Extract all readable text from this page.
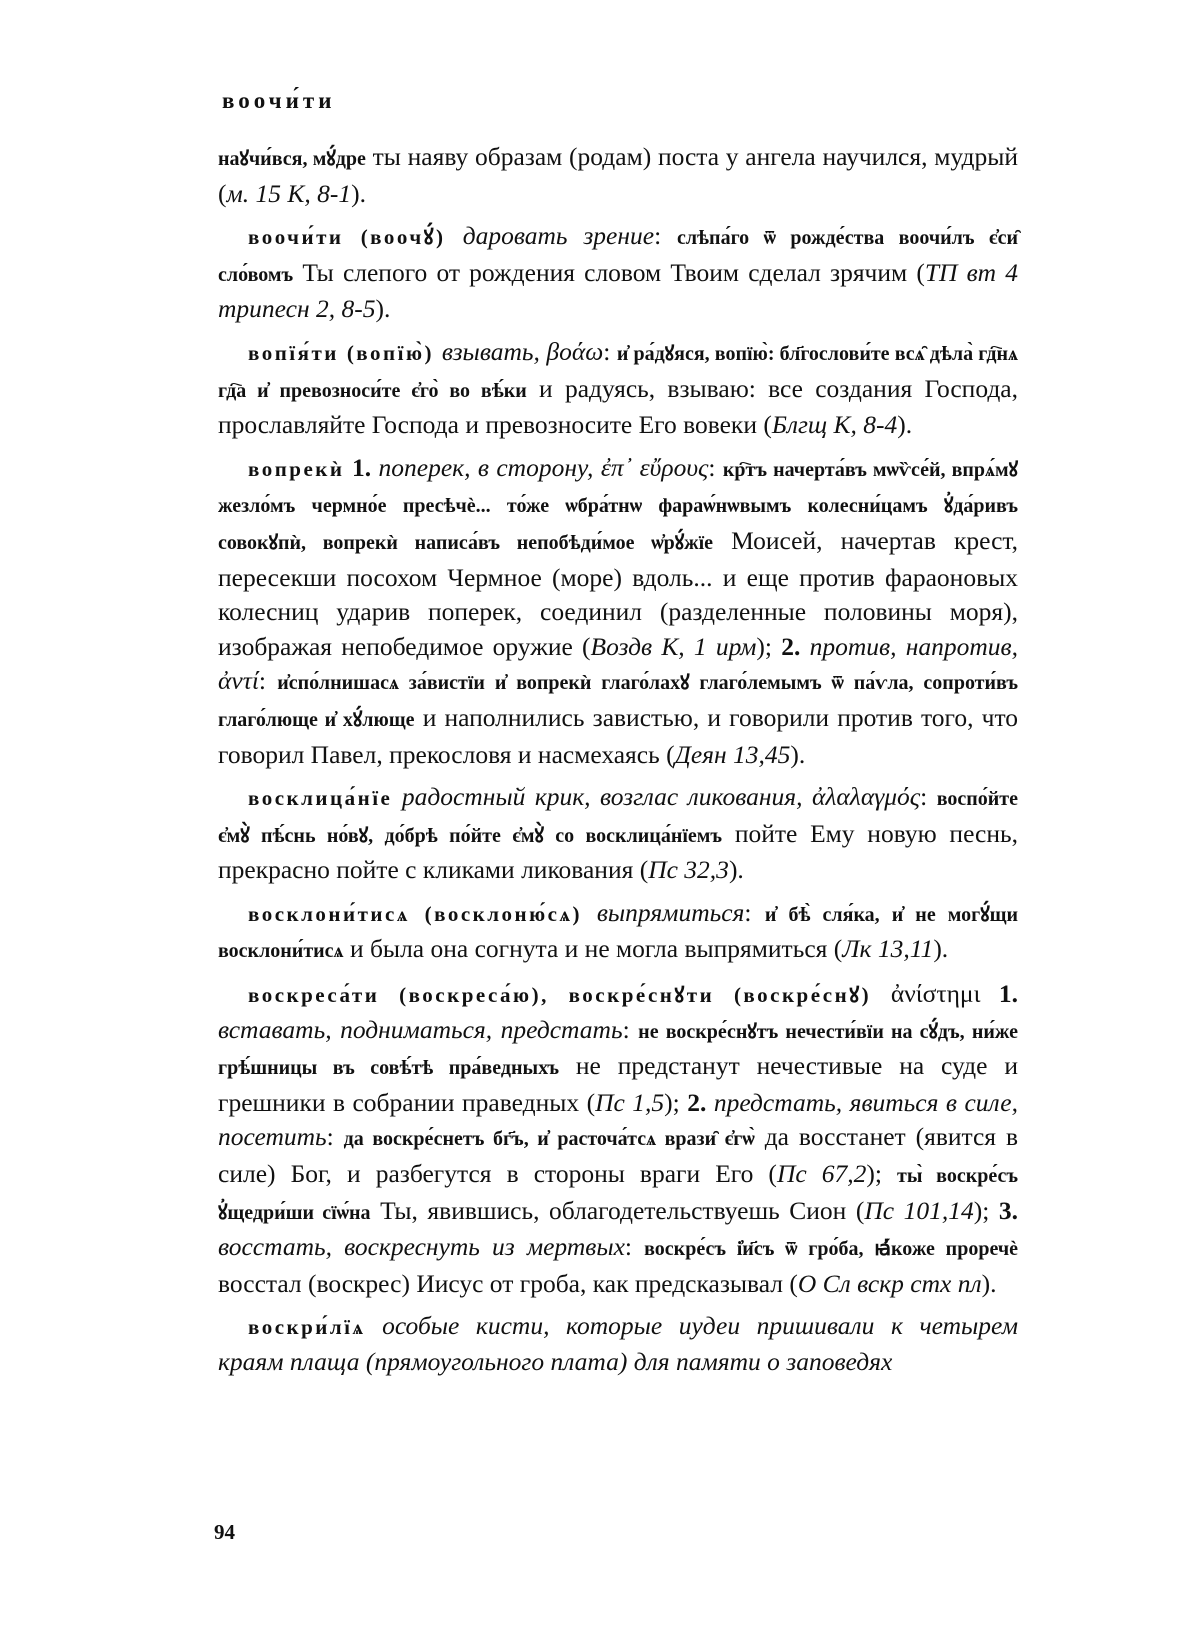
воочи́ти

наꙋчи́вся, мꙋ́дре ты наяву образам (родам) поста у ангела научился, мудрый (м. 15 К, 8-1).

воочи́ти (воочꙋ́) даровать зрение: слѣпа́го ѿ рожде́ства воочи́лъ є҆си̑ сло́вомъ Ты слепого от рождения словом Твоим сделал зрячим (ТП вт 4 трипесн 2, 8-5).

вопїя́ти (вопїю̀) взывать, βοάω: и҆ ра́дꙋяся, вопїю̀: бл҃гослови́те всѧ̑ дѣла̀ гд҇нѧ гд҇а и҆ превозноси́те є҆го̀ во вѣ́ки и радуясь, взываю: все создания Господа, прославляйте Господа и превозносите Его вовеки (Блгщ К, 8-4).

вопрекѝ 1. поперек, в сторону, ἐπ᾽ εὔρους: кр҇тъ начерта́въ мѡѷсе́й, впрѧ́мꙋ жезло́мъ чермно́е пресѣчѐ... то́же ѡбра́тнѡ фараѡ́нѡвымъ колесни́цамъ ꙋ҆да́ривъ совокꙋпѝ, вопрекѝ написа́въ непобѣди́мое ѡ҆рꙋ́жїе Моисей, начертав крест, пересекши посохом Чермное (море) вдоль... и еще против фараоновых колесниц ударив поперек, соединил (разделенные половины моря), изображая непобедимое оружие (Воздв К, 1 ирм); 2. против, напротив, ἀντί: и҆спо́лнишасѧ за́вистїи и҆ вопрекѝ глаго́лахꙋ глаго́лемымъ ѿ па́ѵла, сопроти́въ глаго́люще и҆ хꙋ́люще и наполнились завистью, и говорили против того, что говорил Павел, прекословя и насмехаясь (Деян 13,45).

восклица́нїе радостный крик, возглас ликования, ἀλαλαγμός: воспо́йте є҆мꙋ̀ пѣ́снь но́вꙋ, до́брѣ по́йте є҆мꙋ̀ со восклица́нїемъ пойте Ему новую песнь, прекрасно пойте с кликами ликования (Пс 32,3).

восклони́тисѧ (восклоню́сѧ) выпрямиться: и҆ бѣ̀ сля́ка, и҆ не могꙋ́щи восклони́тисѧ и была она согнута и не могла выпрямиться (Лк 13,11).

воскреса́ти (воскреса́ю), воскре́снꙋти (воскре́снꙋ) ἀνίστημι 1. вставать, подниматься, предстать: не воскре́снꙋтъ нечести́вїи на сꙋ́дъ, ни́же грѣ́шницы въ совѣ́тѣ пра́ведныхъ не предстанут нечестивые на суде и грешники в собрании праведных (Пс 1,5); 2. предстать, явиться в силе, посетить: да воскре́снетъ бг҃ъ, и҆ расточа́тсѧ врази̑ є҆гѡ̀ да восстанет (явится в силе) Бог, и разбегутся в стороны враги Его (Пс 67,2); ты̀ воскре́съ ꙋ҆щедри́ши сїѡ́на Ты, явившись, облагодетельствуешь Сион (Пс 101,14); 3. восстать, воскреснуть из мертвых: воскре́съ і҆и҃съ ѿ гро́ба, ꙗ҆́коже проречѐ восстал (воскрес) Иисус от гроба, как предсказывал (О Сл вскр стх пл).

воскри́лїѧ особые кисти, которые иудеи пришивали к четырем краям плаща (прямоугольного плата) для памяти о заповедях

94
